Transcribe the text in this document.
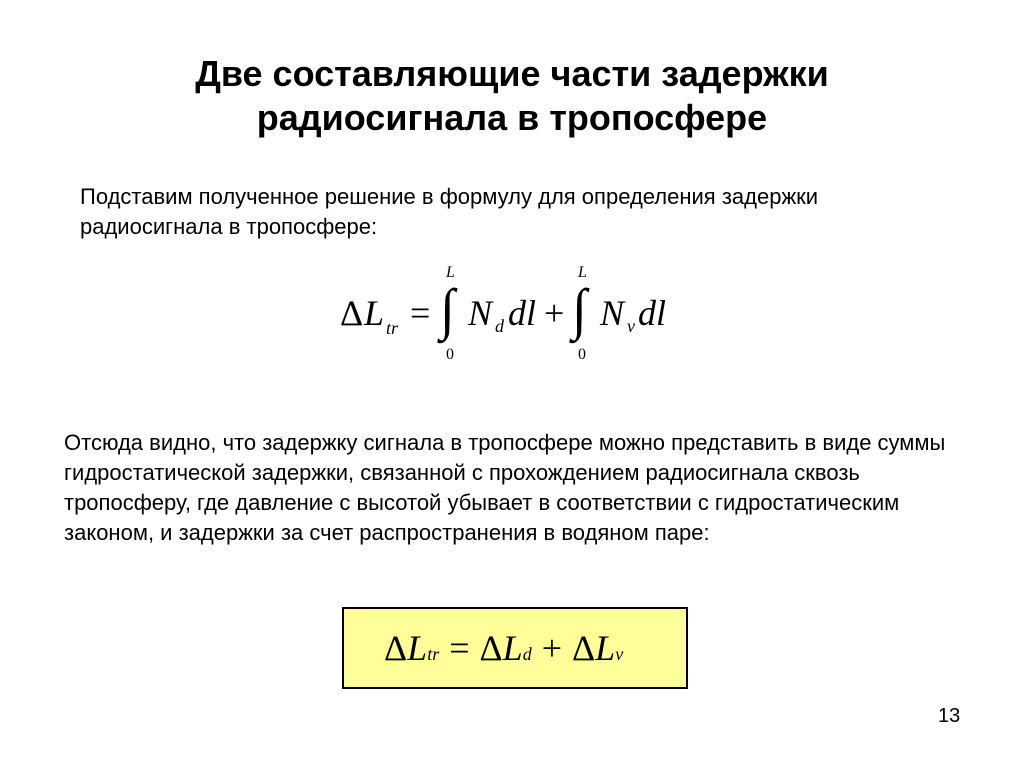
Две составляющие части задержки
радиосигнала в тропосфере
Подставим полученное решение в формулу для определения задержки радиосигнала в тропосфере:
Δ L tr = ∫
L
0
N d dl + ∫
L
0
N v dl
Отсюда видно, что задержку сигнала в тропосфере можно представить в виде суммы гидростатической задержки, связанной с прохождением радиосигнала сквозь тропосферу, где давление с высотой убывает в соответствии с гидростатическим законом, и задержки за счет распространения в водяном паре:
ΔLtr = ΔLd + ΔLv
13
